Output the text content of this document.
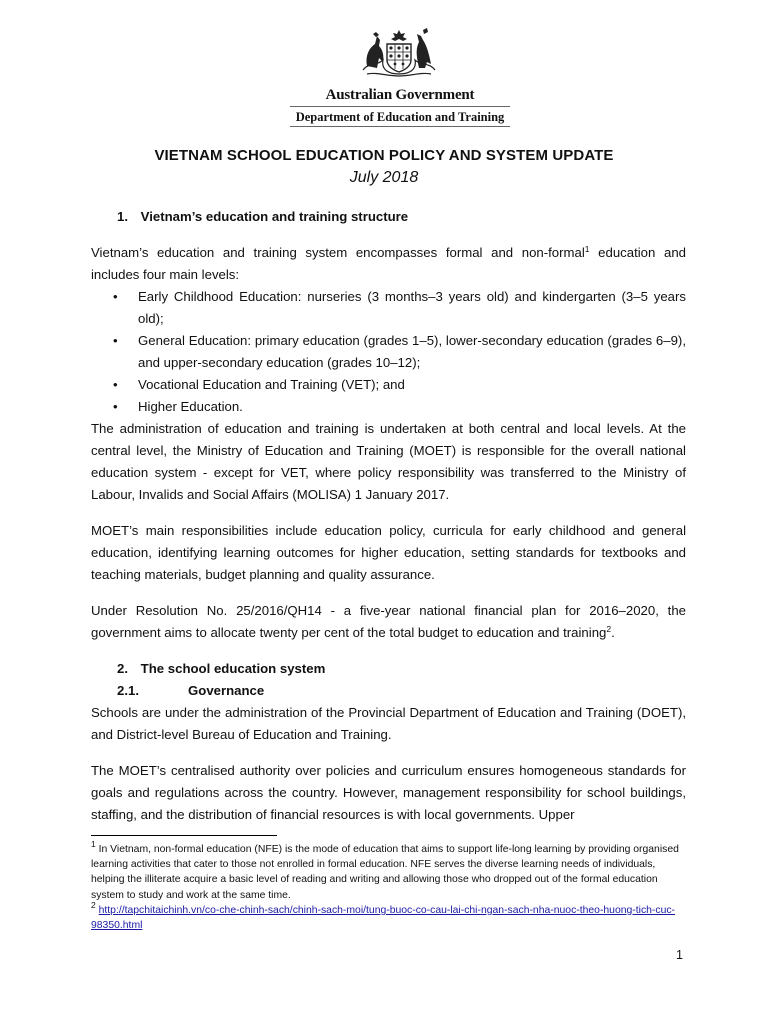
Australian Government
Department of Education and Training
VIETNAM SCHOOL EDUCATION POLICY AND SYSTEM UPDATE
July 2018

1. Vietnam’s education and training structure

Vietnam’s education and training system encompasses formal and non-formal$^1$ education and includes four main levels:

• Early Childhood Education: nurseries (3 months–3 years old) and kindergarten (3–5 years old);
• General Education: primary education (grades 1–5), lower-secondary education (grades 6–9), and upper-secondary education (grades 10–12);
• Vocational Education and Training (VET); and
• Higher Education.

The administration of education and training is undertaken at both central and local levels. At the central level, the Ministry of Education and Training (MOET) is responsible for the overall national education system - except for VET, where policy responsibility was transferred to the Ministry of Labour, Invalids and Social Affairs (MOLISA) 1 January 2017.

MOET’s main responsibilities include education policy, curricula for early childhood and general education, identifying learning outcomes for higher education, setting standards for textbooks and teaching materials, budget planning and quality assurance.

Under Resolution No. 25/2016/QH14 - a five-year national financial plan for 2016–2020, the government aims to allocate twenty per cent of the total budget to education and training$^2$.

2. The school education system

2.1.	Governance

Schools are under the administration of the Provincial Department of Education and Training (DOET), and District-level Bureau of Education and Training.

The MOET’s centralised authority over policies and curriculum ensures homogeneous standards for goals and regulations across the country. However, management responsibility for school buildings, staffing, and the distribution of financial resources is with local governments. Upper

$^1$ In Vietnam, non-formal education (NFE) is the mode of education that aims to support life-long learning by providing organised learning activities that cater to those not enrolled in formal education. NFE serves the diverse learning needs of individuals, helping the illiterate acquire a basic level of reading and writing and allowing those who dropped out of the formal education system to study and work at the same time.

$^2$ http://tapchitaichinh.vn/co-che-chinh-sach/chinh-sach-moi/tung-buoc-co-cau-lai-chi-ngan-sach-nha-nuoc-theo-huong-tich-cuc-98350.html

1
